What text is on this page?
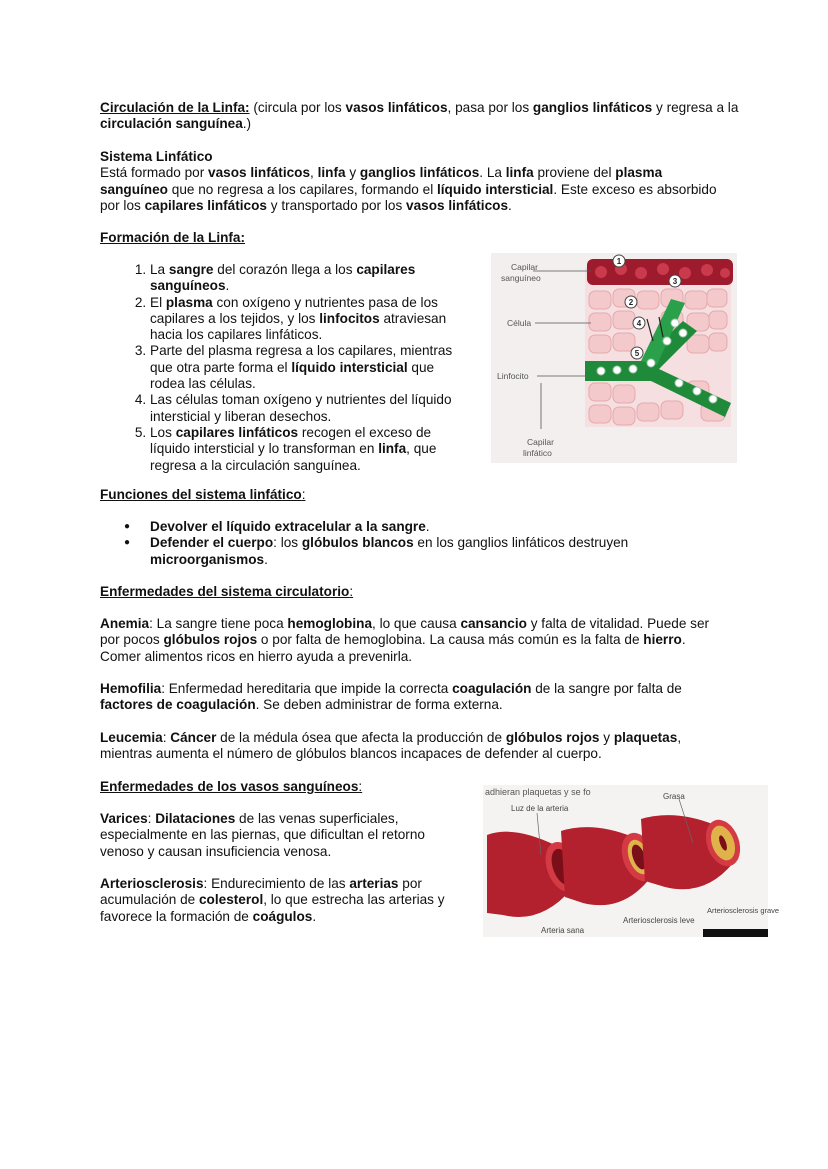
Circulación de la Linfa: (circula por los vasos linfáticos, pasa por los ganglios linfáticos y regresa a la circulación sanguínea.)

Sistema Linfático

Está formado por vasos linfáticos, linfa y ganglios linfáticos. La linfa proviene del plasma sanguíneo que no regresa a los capilares, formando el líquido intersticial. Este exceso es absorbido por los capilares linfáticos y transportado por los vasos linfáticos.

Formación de la Linfa:

1. La sangre del corazón llega a los capilares sanguíneos.
2. El plasma con oxígeno y nutrientes pasa de los capilares a los tejidos, y los linfocitos atraviesan hacia los capilares linfáticos.
3. Parte del plasma regresa a los capilares, mientras que otra parte forma el líquido intersticial que rodea las células.
4. Las células toman oxígeno y nutrientes del líquido intersticial y liberan desechos.
5. Los capilares linfáticos recogen el exceso de líquido intersticial y lo transforman en linfa, que regresa a la circulación sanguínea.
1
2
3
4
5
Capilar
sanguíneo
Célula
Linfocito
Capilar
linfático

Funciones del sistema linfático:

● Devolver el líquido extracelular a la sangre.
● Defender el cuerpo: los glóbulos blancos en los ganglios linfáticos destruyen microorganismos.

Enfermedades del sistema circulatorio:

Anemia: La sangre tiene poca hemoglobina, lo que causa cansancio y falta de vitalidad. Puede ser por pocos glóbulos rojos o por falta de hemoglobina. La causa más común es la falta de hierro. Comer alimentos ricos en hierro ayuda a prevenirla.

Hemofilia: Enfermedad hereditaria que impide la correcta coagulación de la sangre por falta de factores de coagulación. Se deben administrar de forma externa.

Leucemia: Cáncer de la médula ósea que afecta la producción de glóbulos rojos y plaquetas, mientras aumenta el número de glóbulos blancos incapaces de defender al cuerpo.

Enfermedades de los vasos sanguíneos:

Varices: Dilataciones de las venas superficiales, especialmente en las piernas, que dificultan el retorno venoso y causan insuficiencia venosa.

Arteriosclerosis: Endurecimiento de las arterias por acumulación de colesterol, lo que estrecha las arterias y favorece la formación de coágulos.

adhieran plaquetas y se fo
Luz de la arteria
Grasa
Arteria sana
Arteriosclerosis leve
Arteriosclerosis grave
